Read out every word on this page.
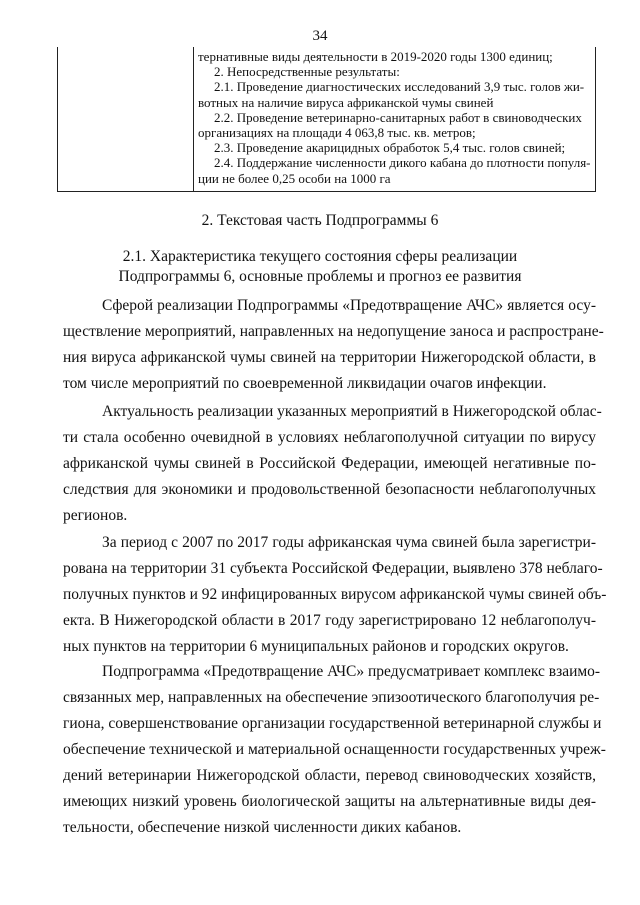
34

тернативные виды деятельности в 2019-2020 годы 1300 единиц;

2. Непосредственные результаты:

2.1. Проведение диагностических исследований 3,9 тыс. голов жи-

вотных на наличие вируса африканской чумы свиней

2.2. Проведение ветеринарно-санитарных работ в свиноводческих

организациях на площади 4 063,8 тыс. кв. метров;

2.3. Проведение акарицидных обработок 5,4 тыс. голов свиней;

2.4. Поддержание численности дикого кабана до плотности популя-

ции не более 0,25 особи на 1000 га

2. Текстовая часть Подпрограммы 6
2.1. Характеристика текущего состояния сферы реализации
Подпрограммы 6, основные проблемы и прогноз ее развития
Сферой реализации Подпрограммы «Предотвращение АЧС» является осу-
ществление мероприятий, направленных на недопущение заноса и распростране-
ния вируса африканской чумы свиней на территории Нижегородской области, в
том числе мероприятий по своевременной ликвидации очагов инфекции.
Актуальность реализации указанных мероприятий в Нижегородской облас-
ти стала особенно очевидной в условиях неблагополучной ситуации по вирусу
африканской чумы свиней в Российской Федерации, имеющей негативные по-
следствия для экономики и продовольственной безопасности неблагополучных
регионов.
За период с 2007 по 2017 годы африканская чума свиней была зарегистри-
рована на территории 31 субъекта Российской Федерации, выявлено 378 неблаго-
получных пунктов и 92 инфицированных вирусом африканской чумы свиней объ-
екта. В Нижегородской области в 2017 году зарегистрировано 12 неблагополуч-
ных пунктов на территории 6 муниципальных районов и городских округов.
Подпрограмма «Предотвращение АЧС» предусматривает комплекс взаимо-
связанных мер, направленных на обеспечение эпизоотического благополучия ре-
гиона, совершенствование организации государственной ветеринарной службы и
обеспечение технической и материальной оснащенности государственных учреж-
дений ветеринарии Нижегородской области, перевод свиноводческих хозяйств,
имеющих низкий уровень биологической защиты на альтернативные виды дея-
тельности, обеспечение низкой численности диких кабанов.
